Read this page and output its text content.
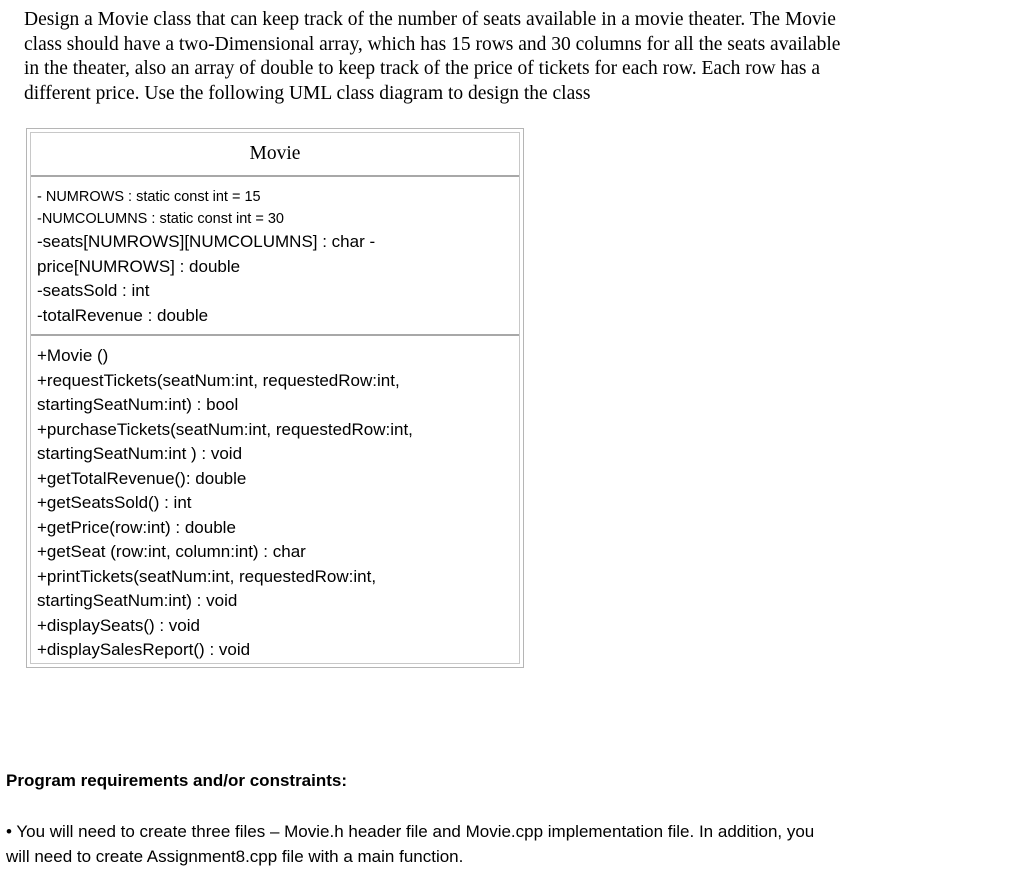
Design a Movie class that can keep track of the number of seats available in a movie theater. The Movie class should have a two-Dimensional array, which has 15 rows and 30 columns for all the seats available in the theater, also an array of double to keep track of the price of tickets for each row. Each row has a different price. Use the following UML class diagram to design the class

Movie
- NUMROWS : static const int = 15
-NUMCOLUMNS : static const int = 30
-seats[NUMROWS][NUMCOLUMNS] : char -
price[NUMROWS] : double
-seatsSold : int
-totalRevenue : double
+Movie ()
+requestTickets(seatNum:int, requestedRow:int,
startingSeatNum:int) : bool
+purchaseTickets(seatNum:int, requestedRow:int,
startingSeatNum:int ) : void
+getTotalRevenue(): double
+getSeatsSold() : int
+getPrice(row:int) : double
+getSeat (row:int, column:int) : char
+printTickets(seatNum:int, requestedRow:int,
startingSeatNum:int) : void
+displaySeats() : void
+displaySalesReport() : void

Program requirements and/or constraints:

• You will need to create three files – Movie.h header file and Movie.cpp implementation file. In addition, you will need to create Assignment8.cpp file with a main function.
